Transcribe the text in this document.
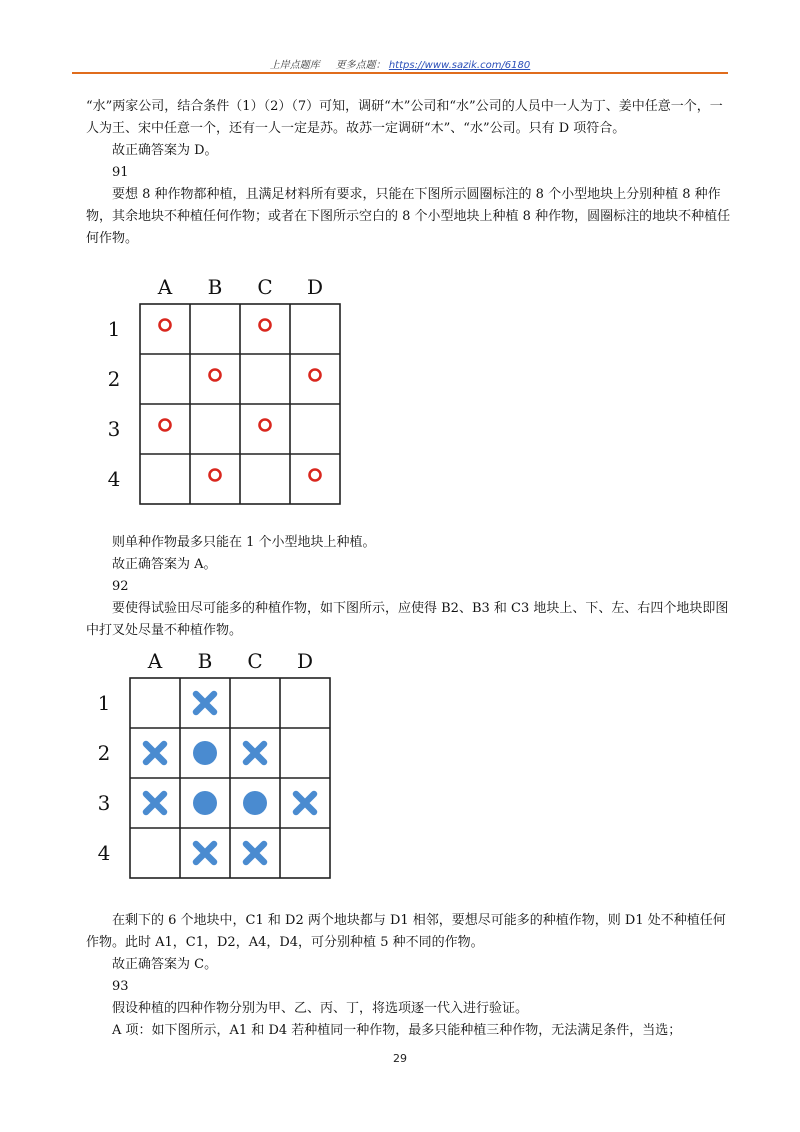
上岸点题库 更多点题： https://www.sazik.com/6180

“水”两家公司，结合条件（1）（2）（7）可知，调研“木”公司和“水”公司的人员中一人为丁、姜中任意一个，一人为王、宋中任意一个，还有一人一定是苏。故苏一定调研“木”、“水”公司。只有 D 项符合。

故正确答案为 D。

91

要想 8 种作物都种植，且满足材料所有要求，只能在下图所示圆圈标注的 8 个小型地块上分别种植 8 种作物，其余地块不种植任何作物；或者在下图所示空白的 8 个小型地块上种植 8 种作物，圆圈标注的地块不种植任何作物。

A B C D
1
2
3
4

则单种作物最多只能在 1 个小型地块上种植。

故正确答案为 A。

92

要使得试验田尽可能多的种植作物，如下图所示，应使得 B2、B3 和 C3 地块上、下、左、右四个地块即图中打叉处尽量不种植作物。

A B C D
1
2
3
4

在剩下的 6 个地块中，C1 和 D2 两个地块都与 D1 相邻，要想尽可能多的种植作物，则 D1 处不种植任何作物。此时 A1，C1，D2，A4，D4，可分别种植 5 种不同的作物。

故正确答案为 C。

93

假设种植的四种作物分别为甲、乙、丙、丁，将选项逐一代入进行验证。

A 项：如下图所示，A1 和 D4 若种植同一种作物，最多只能种植三种作物，无法满足条件，当选；

29
